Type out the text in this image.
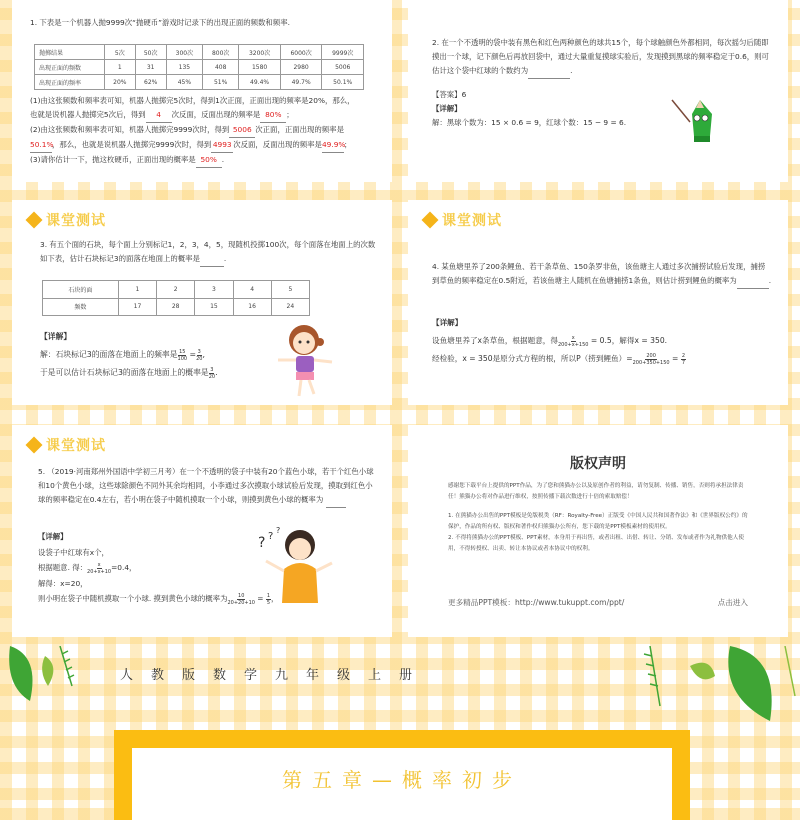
1. 下表是一个机器人抛9999次“抛硬币”游戏时记录下的出现正面的频数和频率.

抛掷结果	5次	50次	300次	800次	3200次	6000次	9999次
出现正面的频数	1	31	135	408	1580	2980	5006
出现正面的频率	20%	62%	45%	51%	49.4%	49.7%	50.1%

(1)由这张频数和频率表可知，机器人抛掷完5次时，得到1次正面，正面出现的频率是20%，那么，

也就是说机器人抛掷完5次后，得到 4 次反面，反面出现的频率是 80% ；

(2)由这张频数和频率表可知，机器人抛掷完9999次时，得到 5006 次正面，正面出现的频率是

50.1%，那么，也就是说机器人抛掷完9999次时，得到 4993 次反面，反面出现的频率是49.9%；

(3)请你估计一下，抛这枚硬币，正面出现的概率是 50% .

2. 在一个不透明的袋中装有黑色和红色两种颜色的球共15个，每个球触颜色外都相同，每次摇匀后随即摸出一个球，记下颜色后再放回袋中，通过大量重复摸球实验后，发现摸到黑球的频率稳定于0.6，则可估计这个袋中红球的个数约为	.

【答案】6

【详解】

解：黑球个数为：15 × 0.6 = 9，红球个数：15 − 9 = 6.

课堂测试

3. 有五个面的石块，每个面上分别标记1，2，3，4，5，现随机投掷100次，每个面落在地面上的次数如下表，估计石块标记3的面落在地面上的概率是	.

石块的面	1	2	3	4	5
频数	17	28	15	16	24

【详解】

解：石块标记3的面落在地面上的频率是 $\frac{15}{100} = \frac{3}{20}$ ,

于是可以估计石块标记3的面落在地面上的概率是 $\frac{3}{20}$ .

课堂测试

4. 某鱼塘里养了200条鲤鱼、若干条草鱼、150条罗非鱼，该鱼塘主人通过多次捕捞试验后发现，捕捞到草鱼的频率稳定在0.5附近，若该鱼塘主人随机在鱼塘捕捞1条鱼，则估计捞到鲤鱼的概率为	.

【详解】

设鱼塘里养了x条草鱼，根据题意，得 $\frac{x}{200+x+150} = 0.5$，解得x = 350.

经检验，x = 350是原分式方程的根，所以P（捞到鲤鱼）= $\frac{200}{200+350+150} = \frac{2}{7}$

课堂测试

5. （2019·河南郑州外国语中学初三月考）在一个不透明的袋子中装有20个蓝色小球，若干个红色小球和10个黄色小球，这些球除颜色不同外其余均相同，小李通过多次摸取小球试验后发现，摸取到红色小球的频率稳定在0.4左右，若小明在袋子中随机摸取一个小球，则摸到黄色小球的概率为

【详解】

设袋子中红球有x个，

根据题意. 得： $\frac{x}{20+x+10} =0.4$，

解得：x=20，

则小明在袋子中随机摸取一个小球. 摸到黄色小球的概率为 $\frac{10}{20+20+10} = \frac{1}{5}$ ，

? ?
?
版权声明

感谢您下载平台上提供的PPT作品，为了您和熊猫办公以及原创作者的利益，请勿复制、传播、销售，否则将承担法律责任！熊猫办公将对作品进行维权，按照传播下载次数进行十倍的索取赔偿！

1. 在熊猫办公出售的PPT模板是免版税类（RF：Royalty-Free）正版受《中国人民共和国著作法》和《世界版权公约》的保护，作品的所有权、版权和著作权归熊猫办公所有，您下载的是PPT模板素材的使用权。

2. 不得将熊猫办公的PPT模板、PPT素材，本身用于再出售，或者出租、出借、转让、分销、发布或者作为礼物供他人使用，不得转授权、出卖、转让本协议或者本协议中的权利。

更多精品PPT模板：http://www.tukuppt.com/ppt/	点击进入
人教版数学九年级上册
第五章—概率初步
